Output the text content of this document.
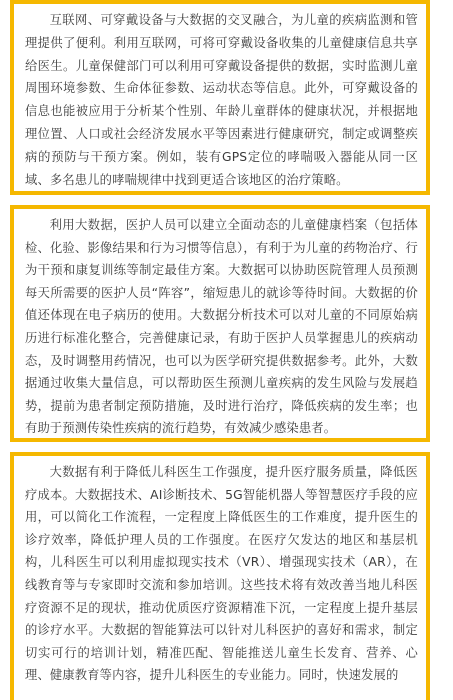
互联网、可穿戴设备与大数据的交叉融合，为儿童的疾病监测和管理提供了便利。利用互联网，可将可穿戴设备收集的儿童健康信息共享给医生。儿童保健部门可以利用可穿戴设备提供的数据，实时监测儿童周围环境参数、生命体征参数、运动状态等信息。此外，可穿戴设备的信息也能被应用于分析某个性别、年龄儿童群体的健康状况，并根据地理位置、人口或社会经济发展水平等因素进行健康研究，制定或调整疾病的预防与干预方案。例如，装有GPS定位的哮喘吸入器能从同一区域、多名患儿的哮喘规律中找到更适合该地区的治疗策略。

利用大数据，医护人员可以建立全面动态的儿童健康档案（包括体检、化验、影像结果和行为习惯等信息），有利于为儿童的药物治疗、行为干预和康复训练等制定最佳方案。大数据可以协助医院管理人员预测每天所需要的医护人员“阵容”，缩短患儿的就诊等待时间。大数据的价值还体现在电子病历的使用。大数据分析技术可以对儿童的不同原始病历进行标准化整合，完善健康记录，有助于医护人员掌握患儿的疾病动态，及时调整用药情况，也可以为医学研究提供数据参考。此外，大数据通过收集大量信息，可以帮助医生预测儿童疾病的发生风险与发展趋势，提前为患者制定预防措施，及时进行治疗，降低疾病的发生率；也有助于预测传染性疾病的流行趋势，有效减少感染患者。

大数据有利于降低儿科医生工作强度，提升医疗服务质量，降低医疗成本。大数据技术、AI诊断技术、5G智能机器人等智慧医疗手段的应用，可以简化工作流程，一定程度上降低医生的工作难度，提升医生的诊疗效率，降低护理人员的工作强度。在医疗欠发达的地区和基层机构，儿科医生可以利用虚拟现实技术（VR）、增强现实技术（AR），在线教育等与专家即时交流和参加培训。这些技术将有效改善当地儿科医疗资源不足的现状，推动优质医疗资源精准下沉，一定程度上提升基层的诊疗水平。大数据的智能算法可以针对儿科医护的喜好和需求，制定切实可行的培训计划，精准匹配、智能推送儿童生长发育、营养、心理、健康教育等内容，提升儿科医生的专业能力。同时，快速发展的
